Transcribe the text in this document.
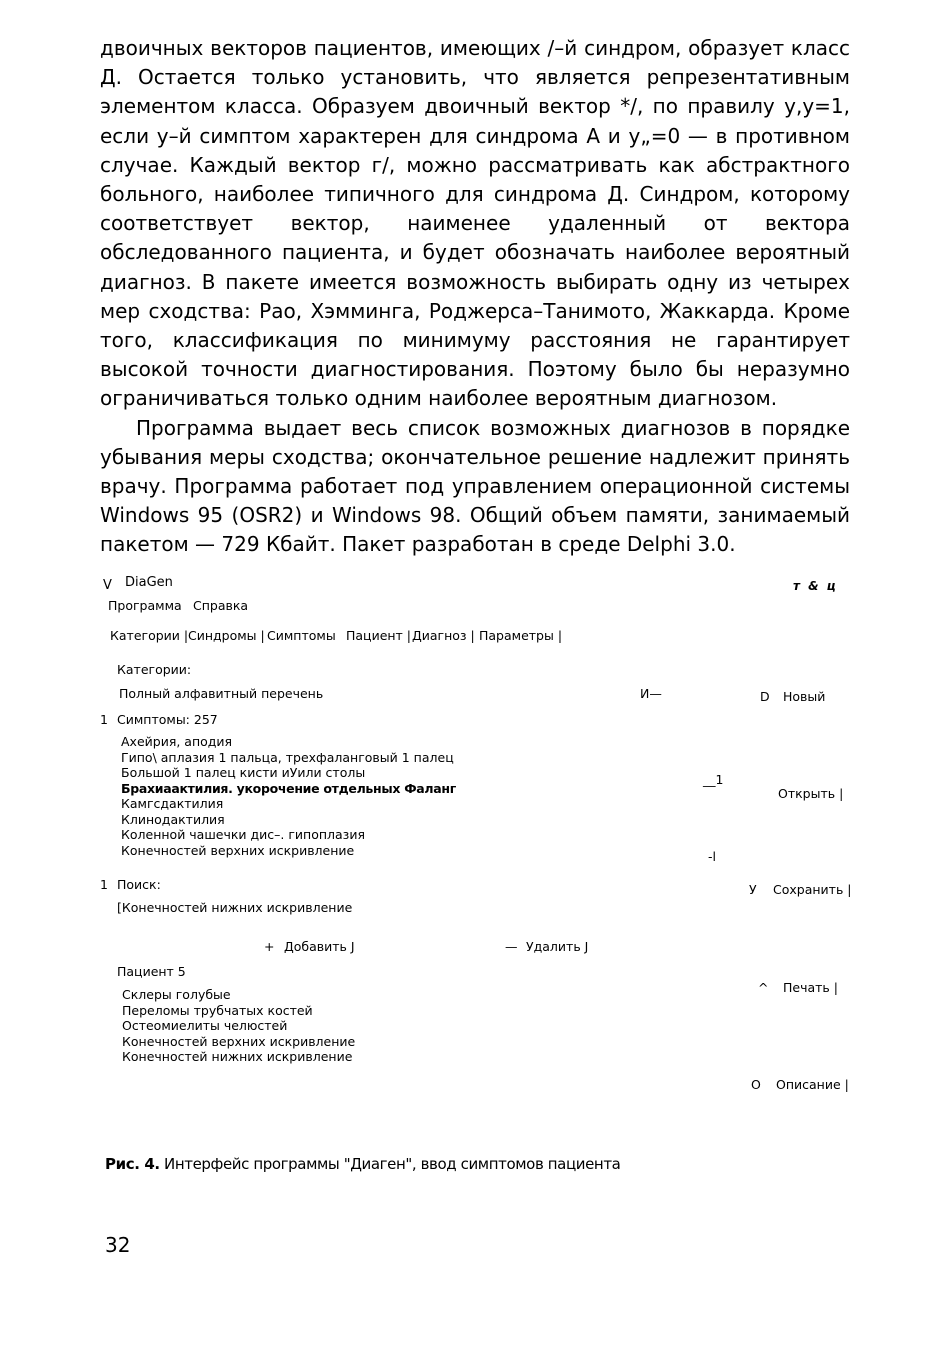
двоичных векторов пациентов, имеющих /–й синдром, образует класс Д. Остается только установить, что является репрезентативным элементом класса. Образуем двоичный вектор */, по правилу у,у=1, если у–й симптом характерен для синдрома А и у„=0 — в противном случае. Каждый вектор г/, можно рассматривать как абстрактного больного, наиболее типичного для синдрома Д. Синдром, которому соответствует вектор, наименее удаленный от вектора обследованного пациента, и будет обозначать наиболее вероятный диагноз. В пакете имеется возможность выбирать одну из четырех мер сходства: Рао, Хэмминга, Роджерса–Танимото, Жаккарда. Кроме того, классификация по минимуму расстояния не гарантирует высокой точности диагностирования. Поэтому было бы неразумно ограничиваться только одним наиболее вероятным диагнозом.

Программа выдает весь список возможных диагнозов в порядке убывания меры сходства; окончательное решение надлежит принять врачу. Программа работает под управлением операционной системы Windows 95 (OSR2) и Windows 98. Общий объем памяти, занимаемый пакетом — 729 Кбайт. Пакет разработан в среде Delphi 3.0.

V DiaGen	т & ц
Программа Справка
Категории | Синдромы | Симптомы Пациент | Диагноз | Параметры |
Категории:
Полный алфавитный перечень	И—	D Новый
1 Симптомы: 257
Ахейрия, аподия
Гипо\ аплазия 1 пальца, трехфаланговый 1 палец
Большой 1 палец кисти иУили столы
Брахиаактилия. укорочение отдельных Фаланг
Камгсдактилия
Клинодактилия
Коленной чашечки дис–. гипоплазия
Конечностей верхних искривление
__1
-l
Открыть |
1 Поиск:
[Конечностей нижних искривление
У Сохранить |
+ Добавить J	— Удалить J
Пациент 5
Склеры голубые
Переломы трубчатых костей
Остеомиелиты челюстей
Конечностей верхних искривление
Конечностей нижних искривление
^ Печать |
О Описание |
Рис. 4. Интерфейс программы "Диаген", ввод симптомов пациента
32
